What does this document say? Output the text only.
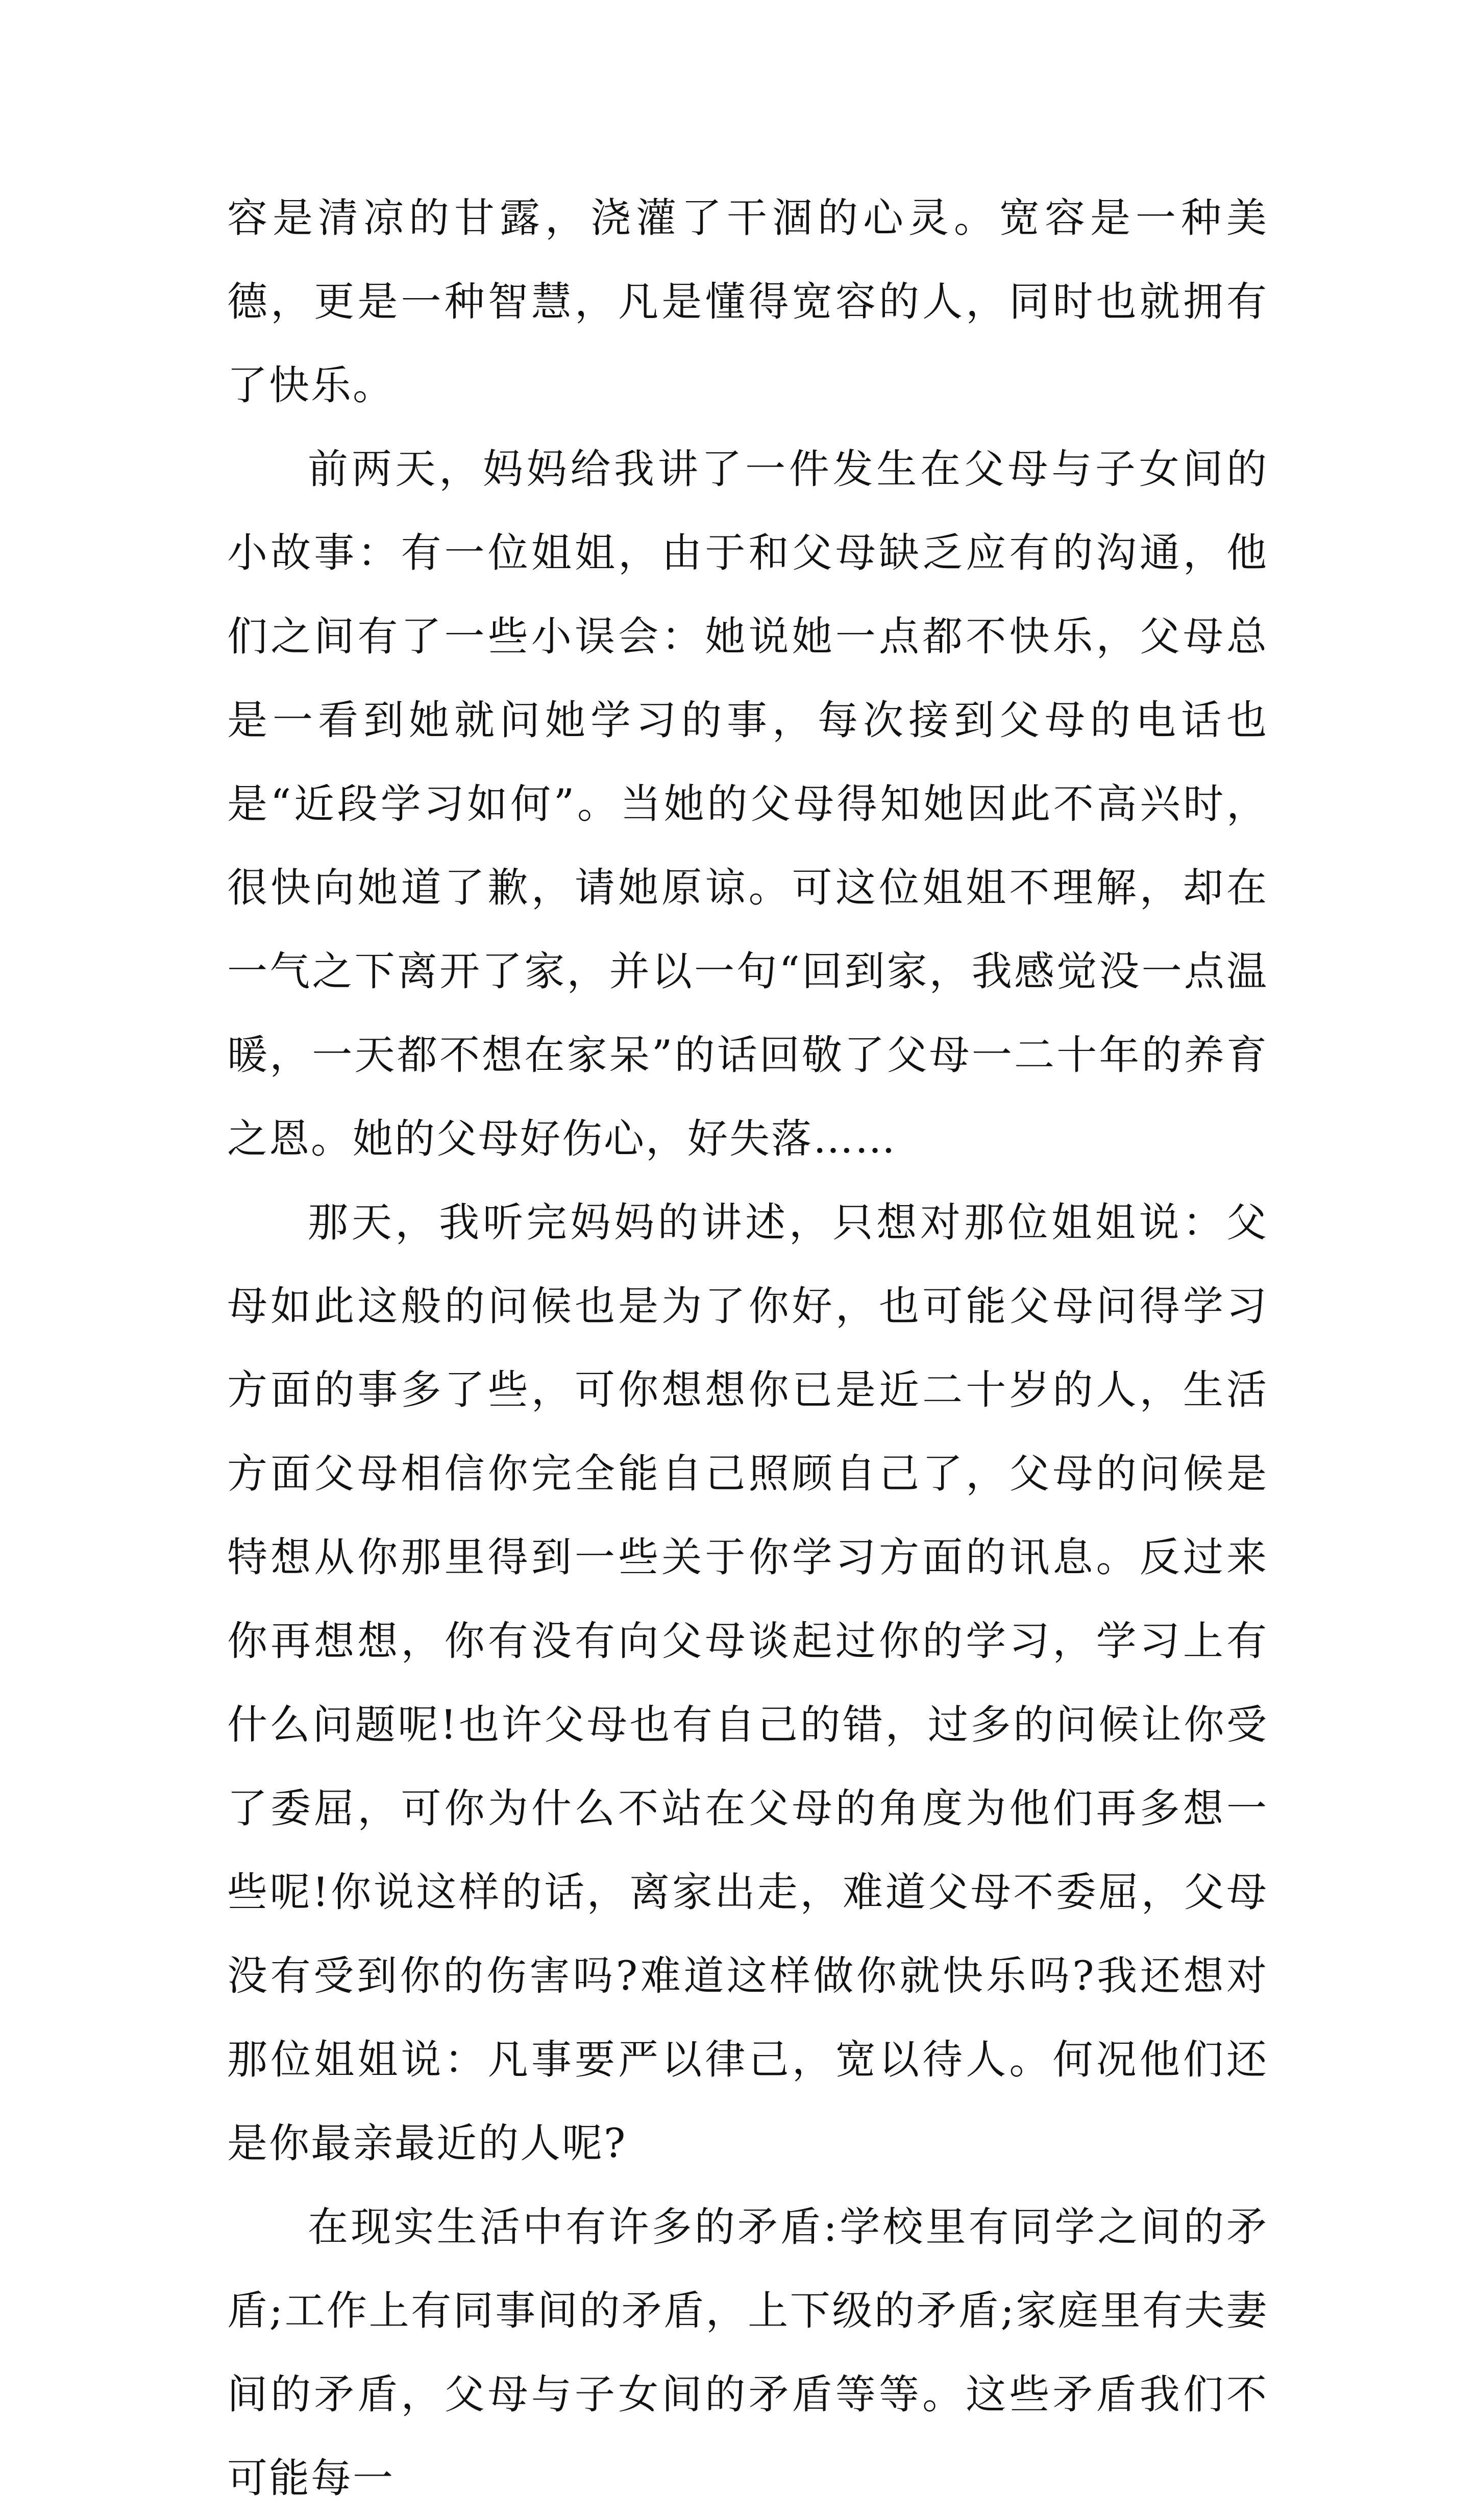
容是清凉的甘露，浇灌了干涸的心灵。宽容是一种美德，更是一种智慧，凡是懂得宽容的人，同时也就拥有了快乐。

前两天，妈妈给我讲了一件发生在父母与子女间的小故事：有一位姐姐，由于和父母缺乏应有的沟通，他们之间有了一些小误会：她说她一点都不快乐，父母总是一看到她就问她学习的事，每次接到父母的电话也是“近段学习如何”。当她的父母得知她因此不高兴时，很快向她道了歉，请她原谅。可这位姐姐不理解，却在一气之下离开了家，并以一句“回到家，我感觉没一点温暖，一天都不想在家呆”的话回敬了父母一二十年的养育之恩。她的父母好伤心，好失落……

那天，我听完妈妈的讲述，只想对那位姐姐说：父母如此这般的问候也是为了你好，也可能父母问得学习方面的事多了些，可你想想你已是近二十岁的人，生活方面父母相信你完全能自己照顾自己了，父母的问候是特想从你那里得到一些关于你学习方面的讯息。反过来你再想想，你有没有向父母谈起过你的学习，学习上有什么问题呢!也许父母也有自己的错，过多的问候让你受了委屈，可你为什么不站在父母的角度为他们再多想一些呢!你说这样的话，离家出走，难道父母不委屈，父母没有受到你的伤害吗?难道这样做你就快乐吗?我还想对那位姐姐说：凡事要严以律己，宽以待人。何况他们还是你最亲最近的人呢?

在现实生活中有许多的矛盾:学校里有同学之间的矛盾;工作上有同事间的矛盾，上下级的矛盾;家庭里有夫妻间的矛盾，父母与子女间的矛盾等等。这些矛盾我们不可能每一
